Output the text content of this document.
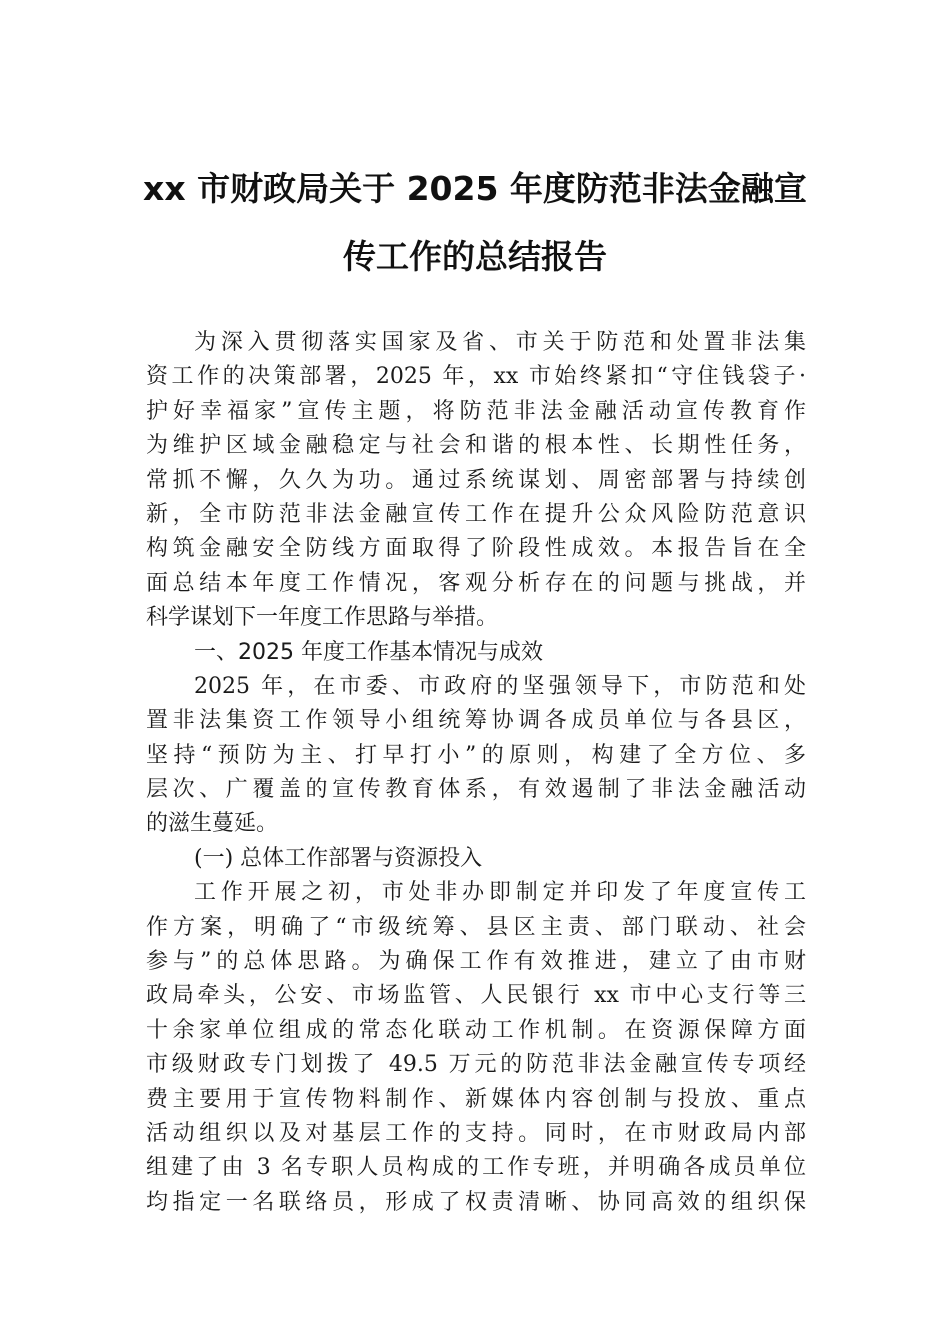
xx 市财政局关于 2025 年度防范非法金融宣
传工作的总结报告
为深入贯彻落实国家及省、市关于防范和处置非法集
资工作的决策部署，2025 年，xx 市始终紧扣“守住钱袋子·
护好幸福家”宣传主题，将防范非法金融活动宣传教育作
为维护区域金融稳定与社会和谐的根本性、长期性任务，
常抓不懈，久久为功。通过系统谋划、周密部署与持续创
新，全市防范非法金融宣传工作在提升公众风险防范意识
构筑金融安全防线方面取得了阶段性成效。本报告旨在全
面总结本年度工作情况，客观分析存在的问题与挑战，并
科学谋划下一年度工作思路与举措。
一、2025 年度工作基本情况与成效
2025 年，在市委、市政府的坚强领导下，市防范和处
置非法集资工作领导小组统筹协调各成员单位与各县区，
坚持“预防为主、打早打小”的原则，构建了全方位、多
层次、广覆盖的宣传教育体系，有效遏制了非法金融活动
的滋生蔓延。
(一) 总体工作部署与资源投入
工作开展之初，市处非办即制定并印发了年度宣传工
作方案，明确了“市级统筹、县区主责、部门联动、社会
参与”的总体思路。为确保工作有效推进，建立了由市财
政局牵头，公安、市场监管、人民银行 xx 市中心支行等三
十余家单位组成的常态化联动工作机制。在资源保障方面
市级财政专门划拨了 49.5 万元的防范非法金融宣传专项经
费主要用于宣传物料制作、新媒体内容创制与投放、重点
活动组织以及对基层工作的支持。同时，在市财政局内部
组建了由 3 名专职人员构成的工作专班，并明确各成员单位
均指定一名联络员，形成了权责清晰、协同高效的组织保
